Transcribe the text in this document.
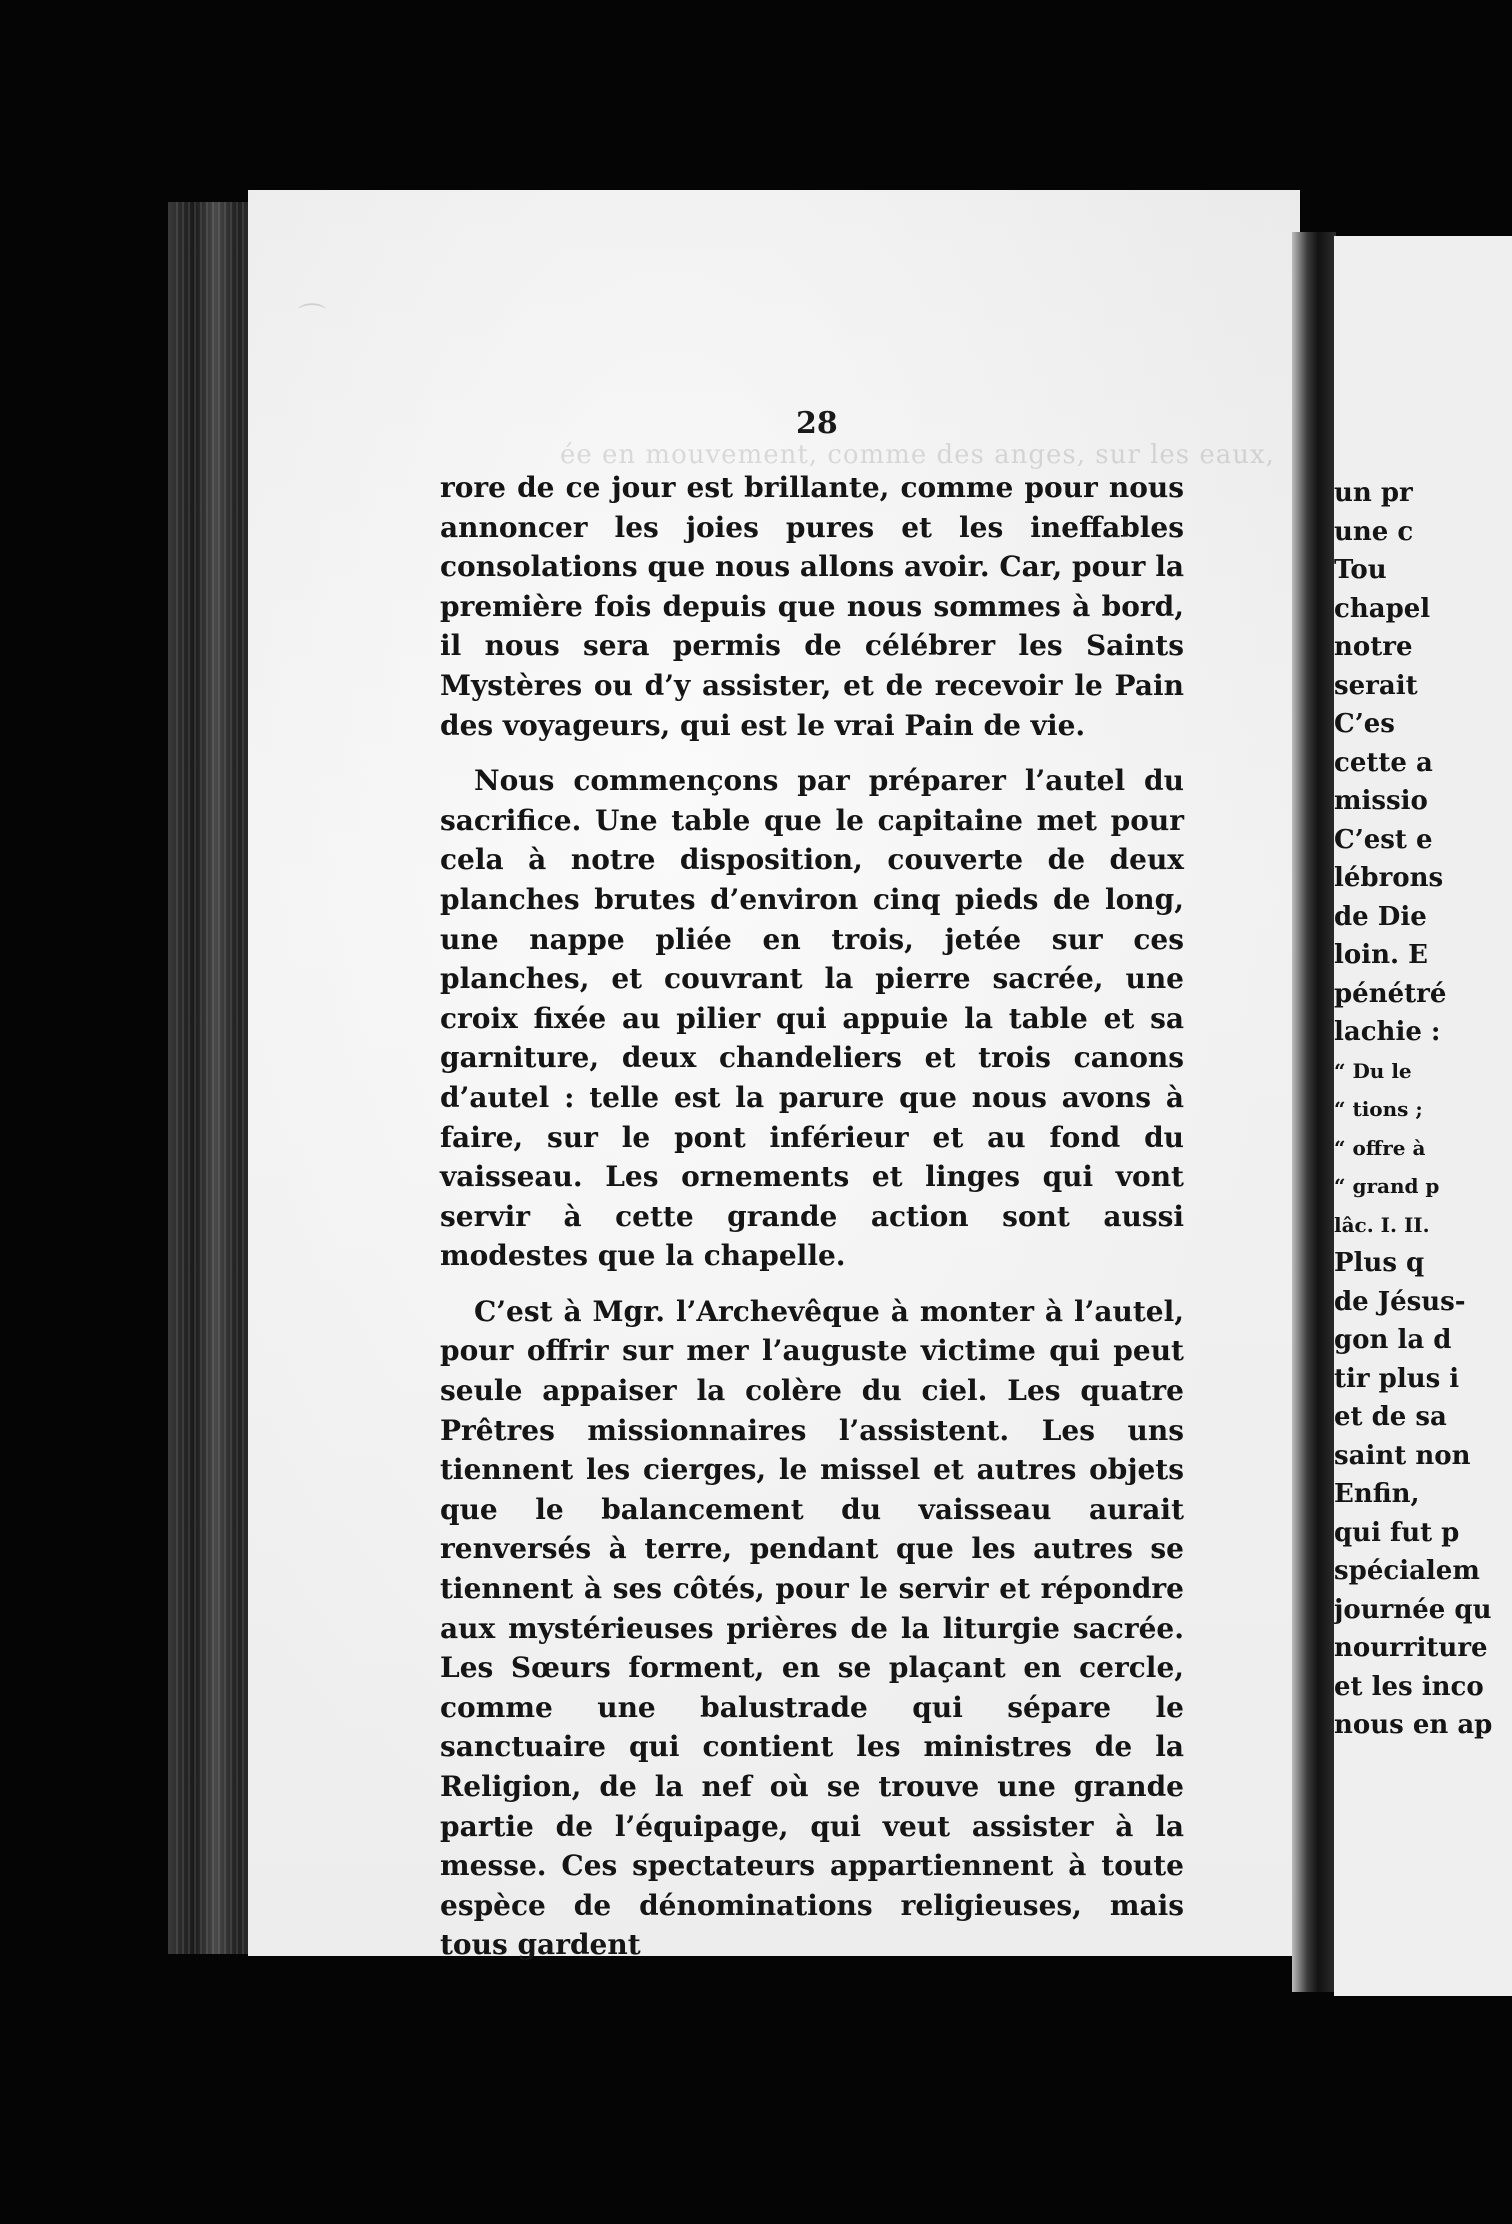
⌒
28
ée en mouvement, comme des anges, sur les eaux,

rore de ce jour est brillante, comme pour nous annoncer les joies pures et les ineffables consolations que nous allons avoir. Car, pour la première fois depuis que nous sommes à bord, il nous sera permis de célébrer les Saints Mystères ou d’y assister, et de recevoir le Pain des voyageurs, qui est le vrai Pain de vie.

Nous commençons par préparer l’autel du sacrifice. Une table que le capitaine met pour cela à notre disposition, couverte de deux planches brutes d’environ cinq pieds de long, une nappe pliée en trois, jetée sur ces planches, et couvrant la pierre sacrée, une croix fixée au pilier qui appuie la table et sa garniture, deux chandeliers et trois canons d’autel : telle est la parure que nous avons à faire, sur le pont inférieur et au fond du vaisseau. Les ornements et linges qui vont servir à cette grande action sont aussi modestes que la chapelle.

C’est à Mgr. l’Archevêque à monter à l’autel, pour offrir sur mer l’auguste victime qui peut seule appaiser la colère du ciel. Les quatre Prêtres missionnaires l’assistent. Les uns tiennent les cierges, le missel et autres objets que le balancement du vaisseau aurait renversés à terre, pendant que les autres se tiennent à ses côtés, pour le servir et répondre aux mystérieuses prières de la liturgie sacrée. Les Sœurs forment, en se plaçant en cercle, comme une balustrade qui sépare le sanctuaire qui contient les ministres de la Religion, de la nef où se trouve une grande partie de l’équipage, qui veut assister à la messe. Ces spectateurs appartiennent à toute espèce de dénominations religieuses, mais tous gardent

un pr
une c
Tou
chapel
notre
serait
C’es
cette a
missio
C’est e
lébrons
de Die
loin. E
pénétré
lachie :
“ Du le
“ tions ;
“ offre à
“ grand p
lâc. I. II.
Plus q
de Jésus-
gon la d
tir plus i
et de sa
saint non
Enfin,
qui fut p
spécialem
journée qu
nourriture
et les inco
nous en ap
